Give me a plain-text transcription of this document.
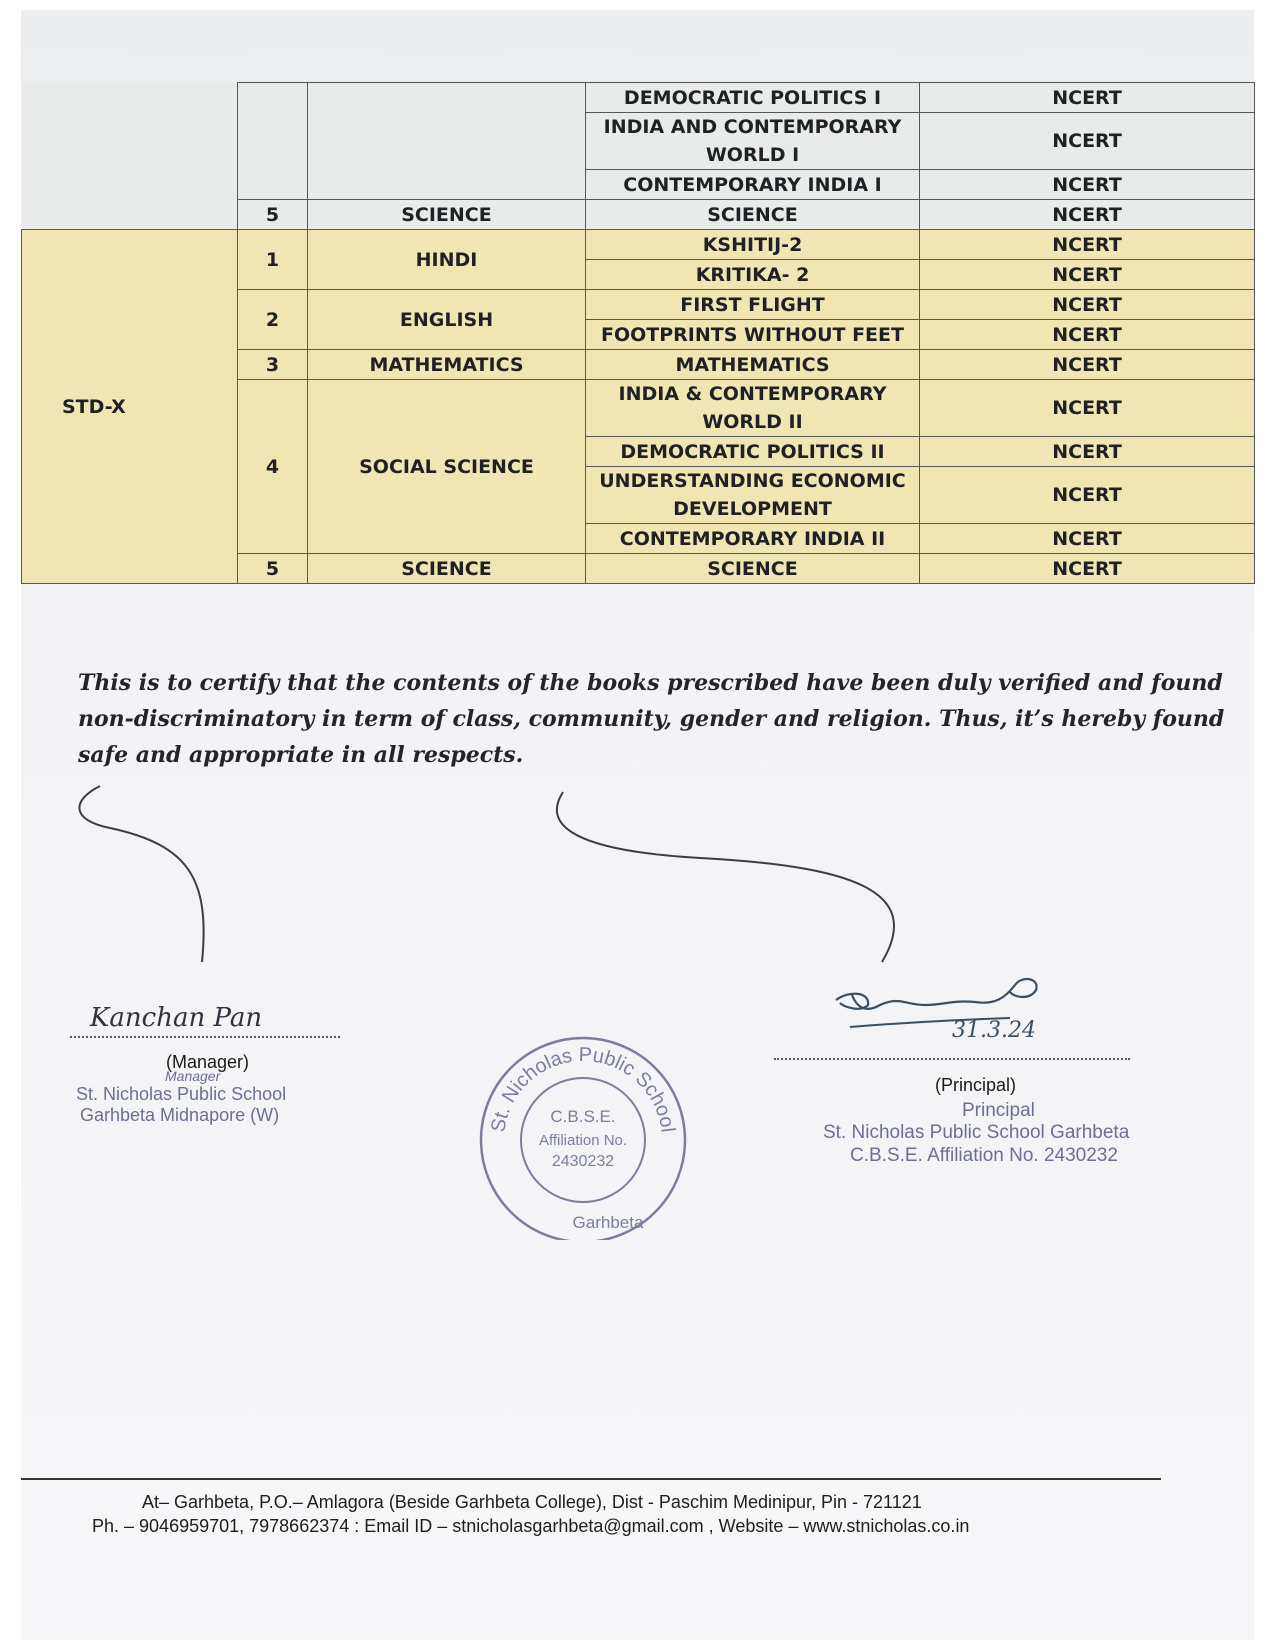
			DEMOCRATIC POLITICS I	NCERT
			INDIA AND CONTEMPORARY WORLD I	NCERT
			CONTEMPORARY INDIA I	NCERT
	5	SCIENCE	SCIENCE	NCERT
STD-X	1	HINDI	KSHITIJ-2	NCERT
			KRITIKA- 2	NCERT
	2	ENGLISH	FIRST FLIGHT	NCERT
			FOOTPRINTS WITHOUT FEET	NCERT
	3	MATHEMATICS	MATHEMATICS	NCERT
	4	SOCIAL SCIENCE	INDIA & CONTEMPORARY WORLD II	NCERT
			DEMOCRATIC POLITICS II	NCERT
			UNDERSTANDING ECONOMIC DEVELOPMENT	NCERT
			CONTEMPORARY INDIA II	NCERT
	5	SCIENCE	SCIENCE	NCERT
This is to certify that the contents of the books prescribed have been duly verified and found
non-discriminatory in term of class, community, gender and religion. Thus, it’s hereby found
safe and appropriate in all respects.
Kanchan Pan
(Manager)
Manager
St. Nicholas Public School
Garhbeta Midnapore (W)
31.3.24
(Principal)
Principal
St. Nicholas Public School Garhbeta
C.B.S.E. Affiliation No. 2430232
St. Nicholas Public School
C.B.S.E.
Affiliation No.
2430232
Garhbeta
At– Garhbeta, P.O.– Amlagora (Beside Garhbeta College), Dist - Paschim Medinipur, Pin - 721121
Ph. – 9046959701, 7978662374 : Email ID – stnicholasgarhbeta@gmail.com , Website – www.stnicholas.co.in
